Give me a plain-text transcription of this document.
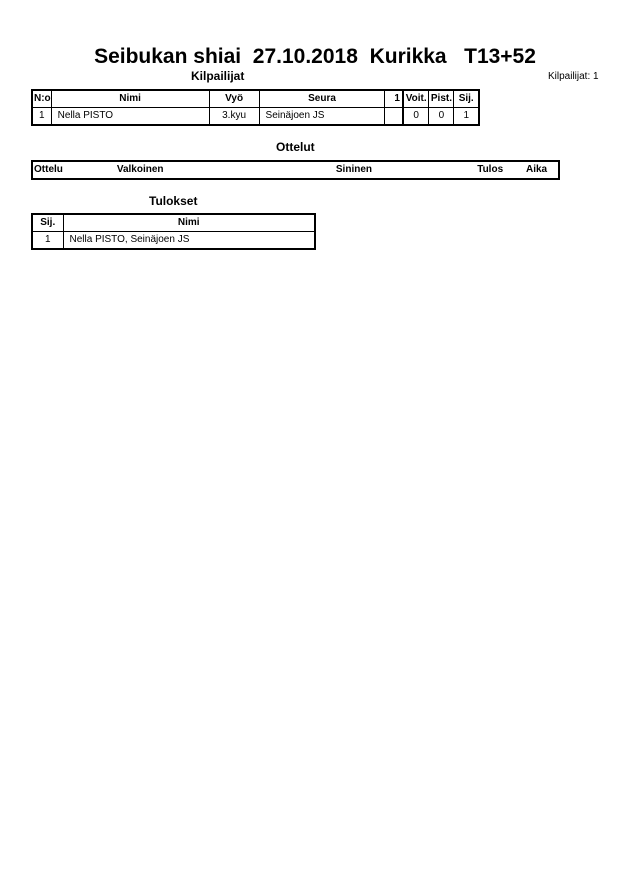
Seibukan shiai  27.10.2018  Kurikka   T13+52
Kilpailijat	Kilpailijat: 1
N:o	Nimi	Vyö	Seura	1	Voit.	Pist.	Sij.
1	Nella PISTO	3.kyu	Seinäjoen JS		0	0	1
Ottelut
Ottelu	Valkoinen	Sininen	Tulos	Aika
Tulokset
Sij.	Nimi
1	Nella PISTO, Seinäjoen JS
